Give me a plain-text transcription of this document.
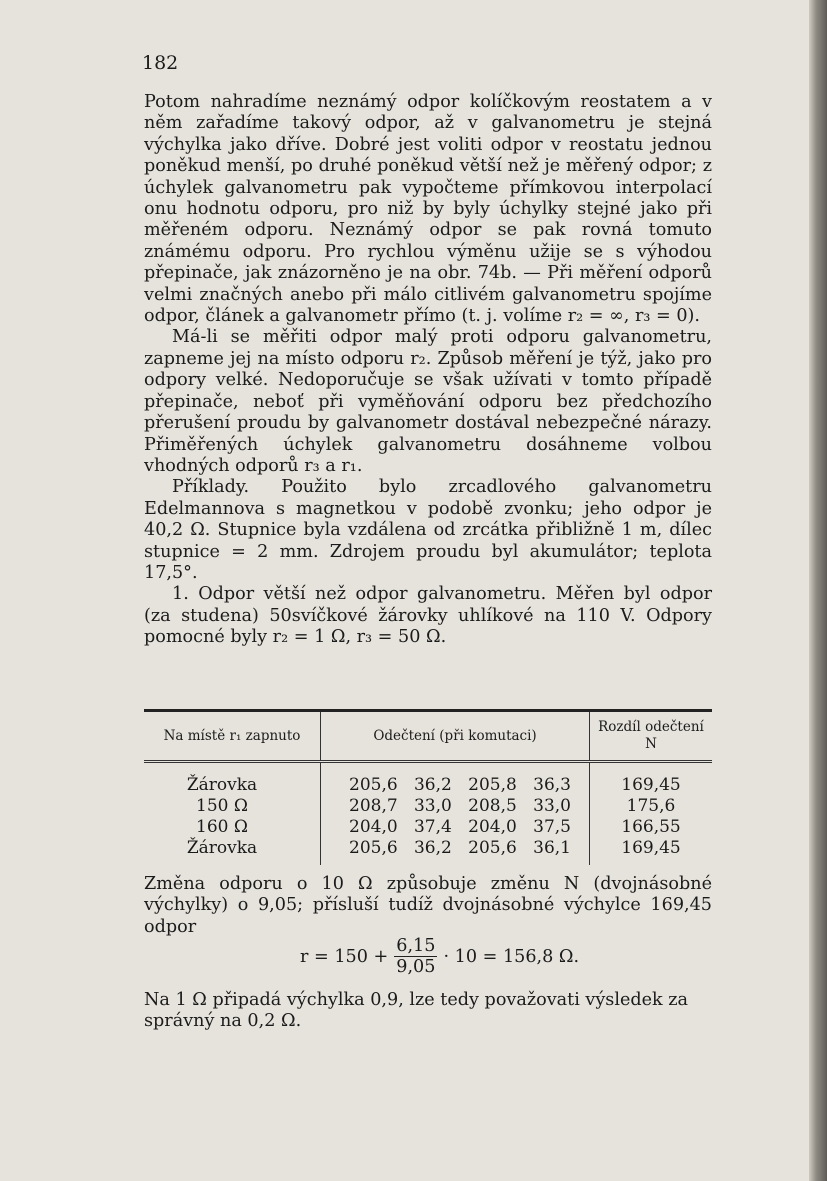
182

Potom nahradíme neznámý odpor kolíčkovým reostatem a v něm zařadíme takový odpor, až v galvanometru je stejná výchylka jako dříve. Dobré jest voliti odpor v reostatu jednou poněkud menší, po druhé poněkud větší než je měřený odpor; z úchylek galvanometru pak vypočteme přímkovou interpolací onu hodnotu odporu, pro niž by byly úchylky stejné jako při měřeném odporu. Neznámý odpor se pak rovná tomuto známému odporu. Pro rychlou výměnu užije se s výhodou přepinače, jak znázorněno je na obr. 74b. — Při měření odporů velmi značných anebo při málo citlivém galvanometru spojíme odpor, článek a galvanometr přímo (t. j. volíme r₂ = ∞, r₃ = 0).

Má-li se měřiti odpor malý proti odporu galvanometru, zapneme jej na místo odporu r₂. Způsob měření je týž, jako pro odpory velké. Nedoporučuje se však užívati v tomto případě přepinače, neboť při vyměňování odporu bez předchozího přerušení proudu by galvanometr dostával nebezpečné nárazy. Přiměřených úchylek galvanometru dosáhneme volbou vhodných odporů r₃ a r₁.

Příklady. Použito bylo zrcadlového galvanometru Edelmannova s magnetkou v podobě zvonku; jeho odpor je 40,2 Ω. Stupnice byla vzdálena od zrcátka přibližně 1 m, dílec stupnice = 2 mm. Zdrojem proudu byl akumulátor; teplota 17,5°.

1. Odpor větší než odpor galvanometru. Měřen byl odpor (za studena) 50svíčkové žárovky uhlíkové na 110 V. Odpory pomocné byly r₂ = 1 Ω, r₃ = 50 Ω.

Na místě r₁ zapnuto	Odečtení (při komutaci)	Rozdíl odečtení N
Žárovka	205,6 36,2 205,8 36,3	169,45
150 Ω	208,7 33,0 208,5 33,0	175,6
160 Ω	204,0 37,4 204,0 37,5	166,55
Žárovka	205,6 36,2 205,6 36,1	169,45

Změna odporu o 10 Ω způsobuje změnu N (dvojnásobné výchylky) o 9,05; přísluší tudíž dvojnásobné výchylce 169,45 odpor

$r = 150 + \frac{6,15}{9,05} \cdot 10 = 156,8$ Ω.

Na 1 Ω připadá výchylka 0,9, lze tedy považovati výsledek za správný na 0,2 Ω.
